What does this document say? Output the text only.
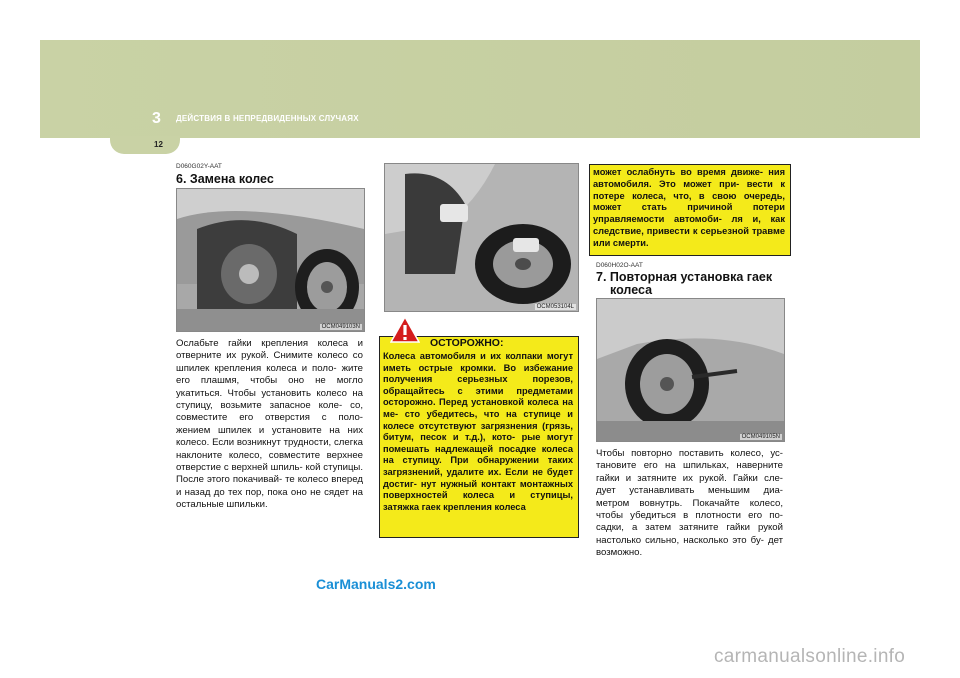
3 ДЕЙСТВИЯ В НЕПРЕДВИДЕННЫХ СЛУЧАЯХ
12
D060G02Y-AAT
6. Замена колес
OCM049103N
Ослабьте гайки крепления колеса и отверните их рукой. Снимите колесо со шпилек крепления колеса и поло- жите его плашмя, чтобы оно не могло укатиться. Чтобы установить колесо на ступицу, возьмите запасное коле- со, совместите его отверстия с поло- жением шпилек и установите на них колесо. Если возникнут трудности, слегка наклоните колесо, совместите верхнее отверстие с верхней шпиль- кой ступицы. После этого покачивай- те колесо вперед и назад до тех пор, пока оно не сядет на остальные шпильки.
OCM053104L
ОСТОРОЖНО:
Колеса автомобиля и их колпаки могут иметь острые кромки. Во избежание получения серьезных порезов, обращайтесь с этими предметами осторожно. Перед установкой колеса на ме- сто убедитесь, что на ступице и колесе отсутствуют загрязнения (грязь, битум, песок и т.д.), кото- рые могут помешать надлежащей посадке колеса на ступицу. При обнаружении таких загрязнений, удалите их. Если не будет достиг- нут нужный контакт монтажных поверхностей колеса и ступицы, затяжка гаек крепления колеса
может ослабнуть во время движе- ния автомобиля. Это может при- вести к потере колеса, что, в свою очередь, может стать причиной потери управляемости автомоби- ля и, как следствие, привести к серьезной травме или смерти.
D060H02O-AAT
7. Повторная установка гаек
колеса
OCM049105N
Чтобы повторно поставить колесо, ус- тановите его на шпильках, наверните гайки и затяните их рукой. Гайки сле- дует устанавливать меньшим диа- метром вовнутрь. Покачайте колесо, чтобы убедиться в плотности его по- садки, а затем затяните гайки рукой настолько сильно, насколько это бу- дет возможно.
CarManuals2.com
carmanualsonline.info
